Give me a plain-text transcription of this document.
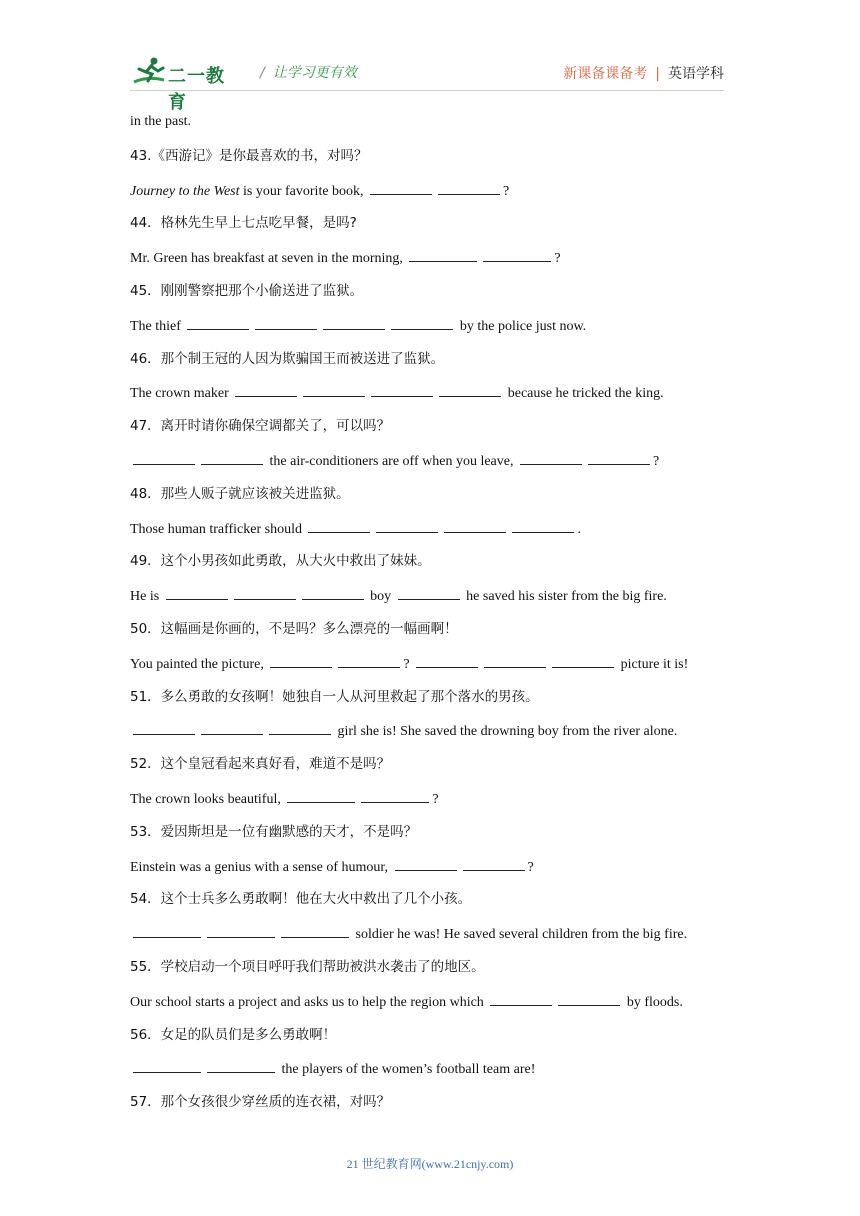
二一教育
/ 让学习更有效	新课备课备考 | 英语学科
in the past.
43.《西游记》是你最喜欢的书，对吗？
Journey to the West is your favorite book,	?
44．格林先生早上七点吃早餐，是吗?
Mr. Green has breakfast at seven in the morning,	?
45．刚刚警察把那个小偷送进了监狱。
The thief	by the police just now.
46．那个制王冠的人因为欺骗国王而被送进了监狱。
The crown maker	because he tricked the king.
47．离开时请你确保空调都关了，可以吗？
the air-conditioners are off when you leave,	?
48．那些人贩子就应该被关进监狱。
Those human trafficker should	.
49．这个小男孩如此勇敢，从大火中救出了妹妹。
He is	boy	he saved his sister from the big fire.
50．这幅画是你画的，不是吗？多么漂亮的一幅画啊！
You painted the picture,	?	picture it is!
51．多么勇敢的女孩啊！她独自一人从河里救起了那个落水的男孩。
girl she is! She saved the drowning boy from the river alone.
52．这个皇冠看起来真好看，难道不是吗？
The crown looks beautiful,	?
53．爱因斯坦是一位有幽默感的天才，不是吗？
Einstein was a genius with a sense of humour,	?
54．这个士兵多么勇敢啊！他在大火中救出了几个小孩。
soldier he was! He saved several children from the big fire.
55．学校启动一个项目呼吁我们帮助被洪水袭击了的地区。
Our school starts a project and asks us to help the region which	by floods.
56．女足的队员们是多么勇敢啊！
the players of the women’s football team are!
57．那个女孩很少穿丝质的连衣裙，对吗？
21 世纪教育网(www.21cnjy.com)
